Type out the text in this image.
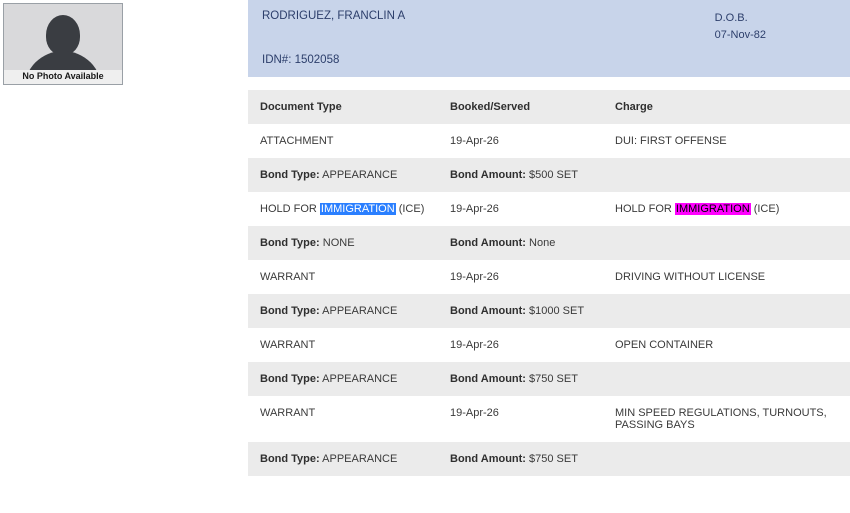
No Photo Available
RODRIGUEZ, FRANCLIN A	D.O.B.
07-Nov-82
IDN#: 1502058
Document Type	Booked/Served	Charge
ATTACHMENT	19-Apr-26	DUI: FIRST OFFENSE
Bond Type: APPEARANCE	Bond Amount: $500 SET	
HOLD FOR IMMIGRATION (ICE)	19-Apr-26	HOLD FOR IMMIGRATION (ICE)
Bond Type: NONE	Bond Amount: None	
WARRANT	19-Apr-26	DRIVING WITHOUT LICENSE
Bond Type: APPEARANCE	Bond Amount: $1000 SET	
WARRANT	19-Apr-26	OPEN CONTAINER
Bond Type: APPEARANCE	Bond Amount: $750 SET	
WARRANT	19-Apr-26	MIN SPEED REGULATIONS, TURNOUTS, PASSING BAYS
Bond Type: APPEARANCE	Bond Amount: $750 SET	
